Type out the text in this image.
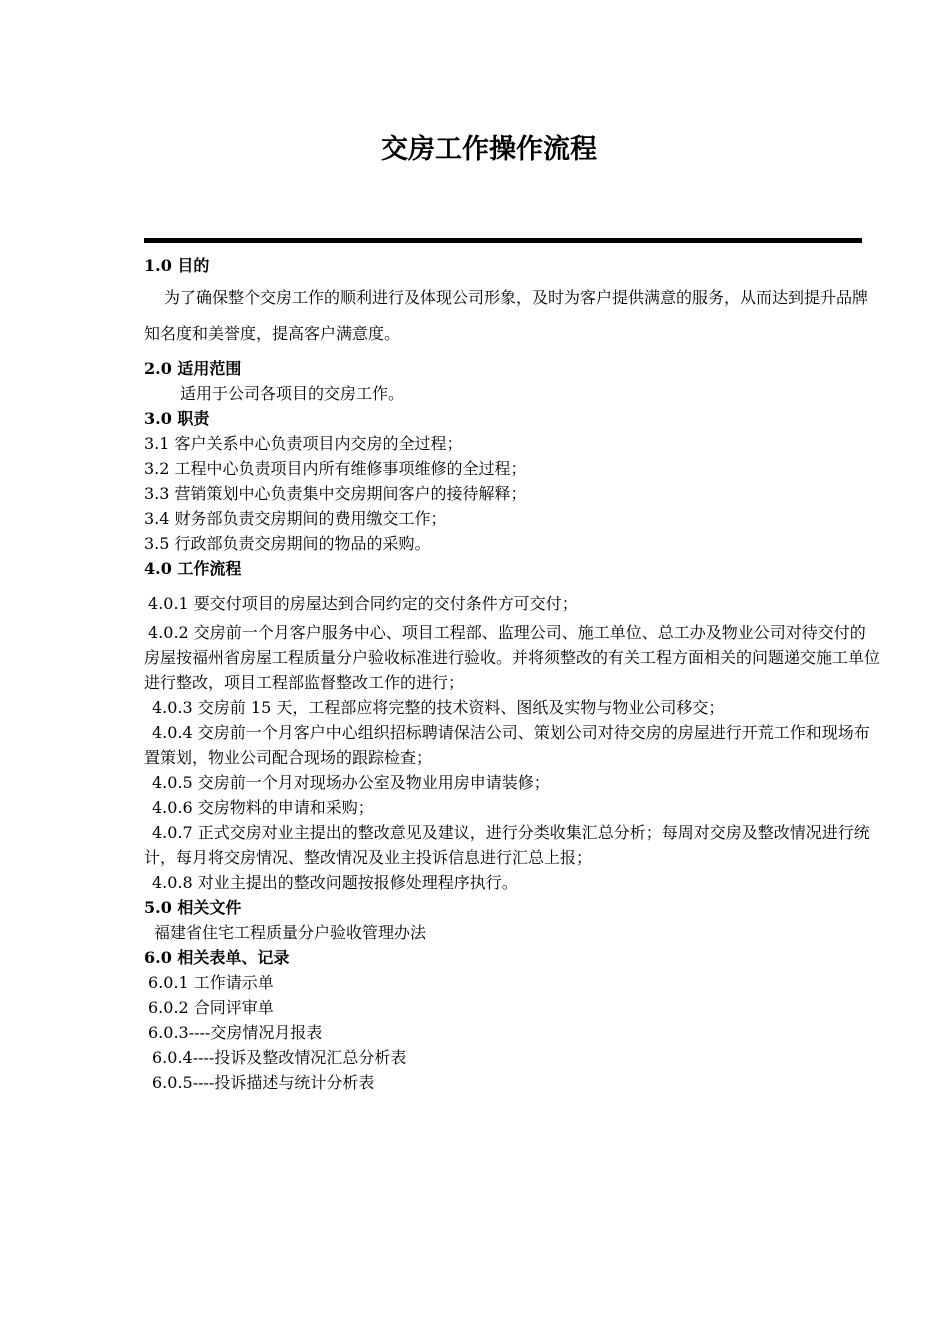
交房工作操作流程
1.0 目的
为了确保整个交房工作的顺利进行及体现公司形象，及时为客户提供满意的服务，从而达到提升品牌知名度和美誉度，提高客户满意度。
2.0 适用范围
适用于公司各项目的交房工作。
3.0 职责
3.1 客户关系中心负责项目内交房的全过程；
3.2 工程中心负责项目内所有维修事项维修的全过程；
3.3 营销策划中心负责集中交房期间客户的接待解释；
3.4 财务部负责交房期间的费用缴交工作；
3.5 行政部负责交房期间的物品的采购。
4.0 工作流程
4.0.1 要交付项目的房屋达到合同约定的交付条件方可交付；
4.0.2 交房前一个月客户服务中心、项目工程部、监理公司、施工单位、总工办及物业公司对待交付的房屋按福州省房屋工程质量分户验收标准进行验收。并将须整改的有关工程方面相关的问题递交施工单位进行整改，项目工程部监督整改工作的进行；
4.0.3 交房前 15 天，工程部应将完整的技术资料、图纸及实物与物业公司移交；
4.0.4 交房前一个月客户中心组织招标聘请保洁公司、策划公司对待交房的房屋进行开荒工作和现场布置策划，物业公司配合现场的跟踪检查；
4.0.5 交房前一个月对现场办公室及物业用房申请装修；
4.0.6 交房物料的申请和采购；
4.0.7 正式交房对业主提出的整改意见及建议，进行分类收集汇总分析；每周对交房及整改情况进行统计，每月将交房情况、整改情况及业主投诉信息进行汇总上报；
4.0.8 对业主提出的整改问题按报修处理程序执行。
5.0 相关文件
福建省住宅工程质量分户验收管理办法
6.0 相关表单、记录
6.0.1 工作请示单
6.0.2 合同评审单
6.0.3----交房情况月报表
6.0.4----投诉及整改情况汇总分析表
6.0.5----投诉描述与统计分析表
